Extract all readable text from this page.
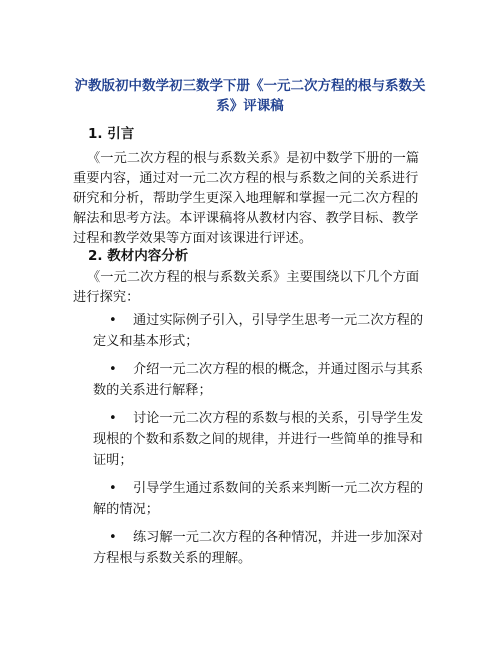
沪教版初中数学初三数学下册《一元二次方程的根与系数关系》评课稿
1. 引言

《一元二次方程的根与系数关系》是初中数学下册的一篇重要内容，通过对一元二次方程的根与系数之间的关系进行研究和分析，帮助学生更深入地理解和掌握一元二次方程的解法和思考方法。本评课稿将从教材内容、教学目标、教学过程和教学效果等方面对该课进行评述。

2. 教材内容分析

《一元二次方程的根与系数关系》主要围绕以下几个方面进行探究：

• 通过实际例子引入，引导学生思考一元二次方程的定义和基本形式；
• 介绍一元二次方程的根的概念，并通过图示与其系数的关系进行解释；
• 讨论一元二次方程的系数与根的关系，引导学生发现根的个数和系数之间的规律，并进行一些简单的推导和证明；
• 引导学生通过系数间的关系来判断一元二次方程的解的情况；
• 练习解一元二次方程的各种情况，并进一步加深对方程根与系数关系的理解。
